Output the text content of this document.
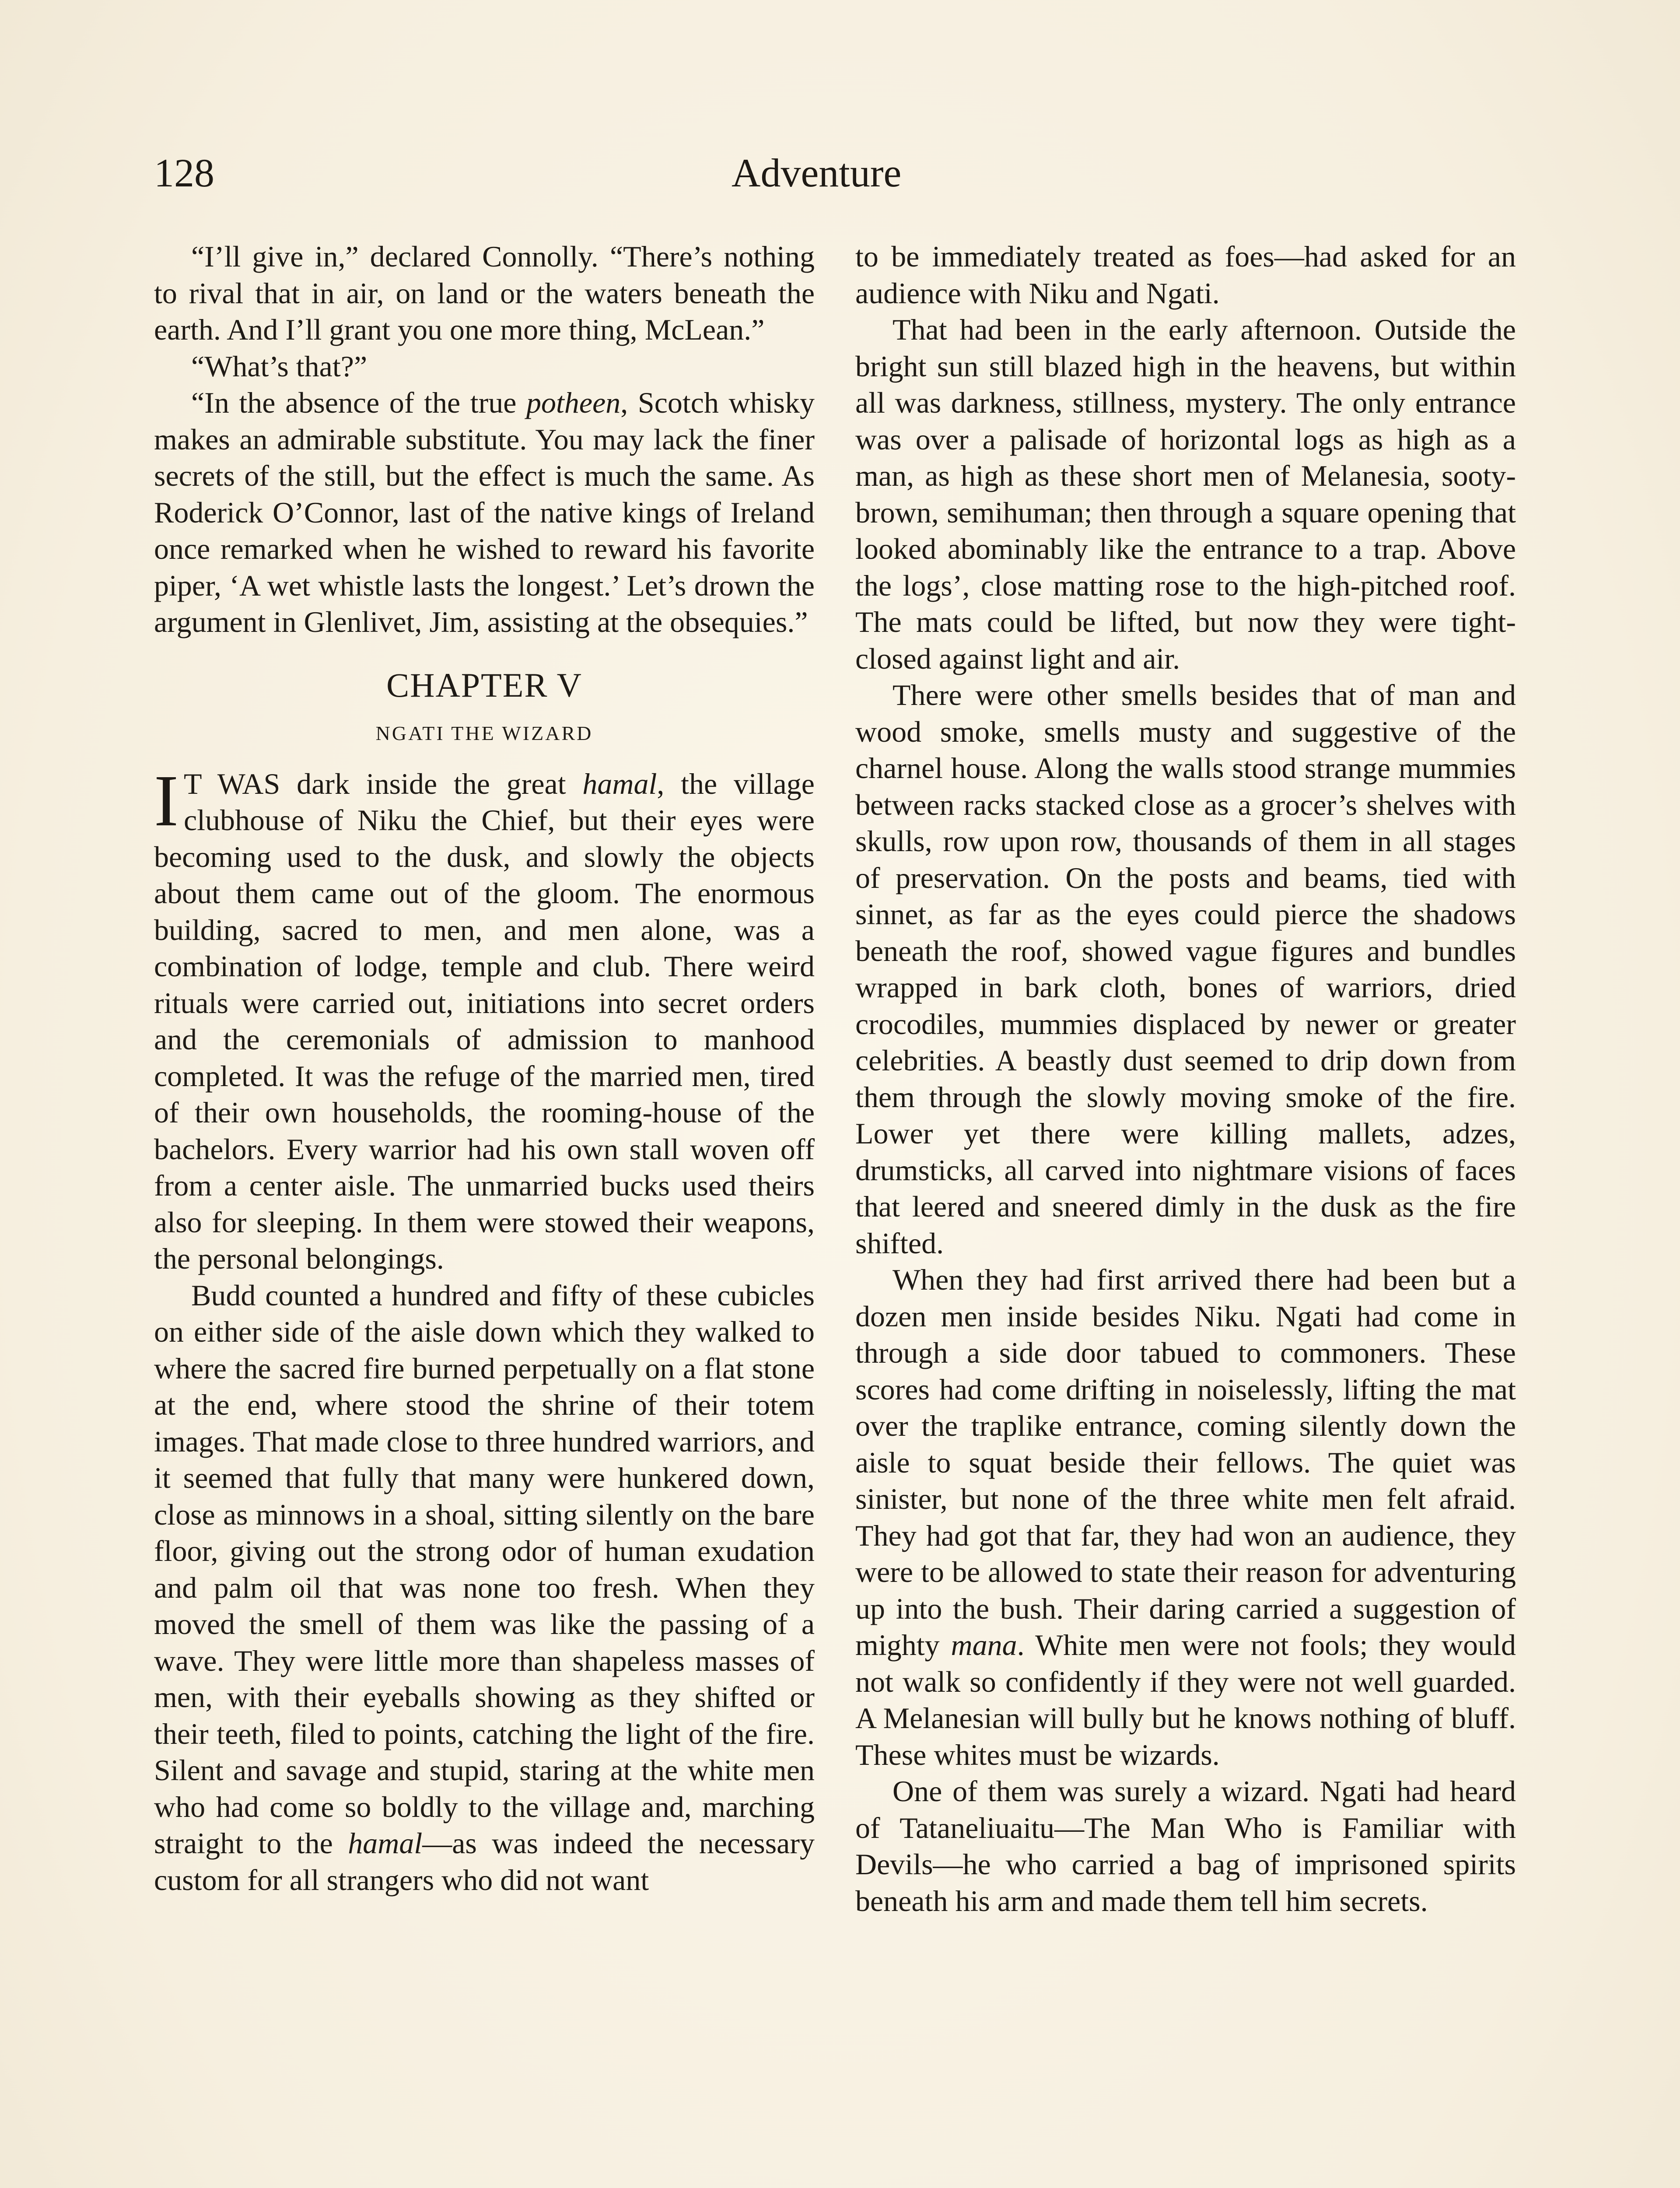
128	Adventure

“I’ll give in,” declared Connolly. “There’s nothing to rival that in air, on land or the waters beneath the earth. And I’ll grant you one more thing, McLean.”

“What’s that?”

“In the absence of the true potheen, Scotch whisky makes an admirable substitute. You may lack the finer secrets of the still, but the effect is much the same. As Roderick O’Connor, last of the native kings of Ireland once remarked when he wished to reward his favorite piper, ‘A wet whistle lasts the longest.’ Let’s drown the argument in Glenlivet, Jim, assisting at the obsequies.”

CHAPTER V
NGATI THE WIZARD

I T WAS dark inside the great hamal, the village clubhouse of Niku the Chief, but their eyes were becoming used to the dusk, and slowly the objects about them came out of the gloom. The enormous building, sacred to men, and men alone, was a combination of lodge, temple and club. There weird rituals were carried out, initiations into secret orders and the ceremonials of admission to manhood completed. It was the refuge of the married men, tired of their own households, the rooming-house of the bachelors. Every warrior had his own stall woven off from a center aisle. The unmarried bucks used theirs also for sleeping. In them were stowed their weapons, the personal belongings.

Budd counted a hundred and fifty of these cubicles on either side of the aisle down which they walked to where the sacred fire burned perpetually on a flat stone at the end, where stood the shrine of their totem images. That made close to three hundred warriors, and it seemed that fully that many were hunkered down, close as minnows in a shoal, sitting silently on the bare floor, giving out the strong odor of human exudation and palm oil that was none too fresh. When they moved the smell of them was like the passing of a wave. They were little more than shapeless masses of men, with their eyeballs showing as they shifted or their teeth, filed to points, catching the light of the fire. Silent and savage and stupid, staring at the white men who had come so boldly to the village and, marching straight to the hamal—as was indeed the necessary custom for all strangers who did not want

to be immediately treated as foes—had asked for an audience with Niku and Ngati.

That had been in the early afternoon. Outside the bright sun still blazed high in the heavens, but within all was darkness, stillness, mystery. The only entrance was over a palisade of horizontal logs as high as a man, as high as these short men of Melanesia, sooty-brown, semihuman; then through a square opening that looked abominably like the entrance to a trap. Above the logs’, close matting rose to the high-pitched roof. The mats could be lifted, but now they were tight-closed against light and air.

There were other smells besides that of man and wood smoke, smells musty and suggestive of the charnel house. Along the walls stood strange mummies between racks stacked close as a grocer’s shelves with skulls, row upon row, thousands of them in all stages of preservation. On the posts and beams, tied with sinnet, as far as the eyes could pierce the shadows beneath the roof, showed vague figures and bundles wrapped in bark cloth, bones of warriors, dried crocodiles, mummies displaced by newer or greater celebrities. A beastly dust seemed to drip down from them through the slowly moving smoke of the fire. Lower yet there were killing mallets, adzes, drumsticks, all carved into nightmare visions of faces that leered and sneered dimly in the dusk as the fire shifted.

When they had first arrived there had been but a dozen men inside besides Niku. Ngati had come in through a side door tabued to commoners. These scores had come drifting in noiselessly, lifting the mat over the traplike entrance, coming silently down the aisle to squat beside their fellows. The quiet was sinister, but none of the three white men felt afraid. They had got that far, they had won an audience, they were to be allowed to state their reason for adventuring up into the bush. Their daring carried a suggestion of mighty mana. White men were not fools; they would not walk so confidently if they were not well guarded. A Melanesian will bully but he knows nothing of bluff. These whites must be wizards.

One of them was surely a wizard. Ngati had heard of Tataneliuaitu—The Man Who is Familiar with Devils—he who carried a bag of imprisoned spirits beneath his arm and made them tell him secrets.
